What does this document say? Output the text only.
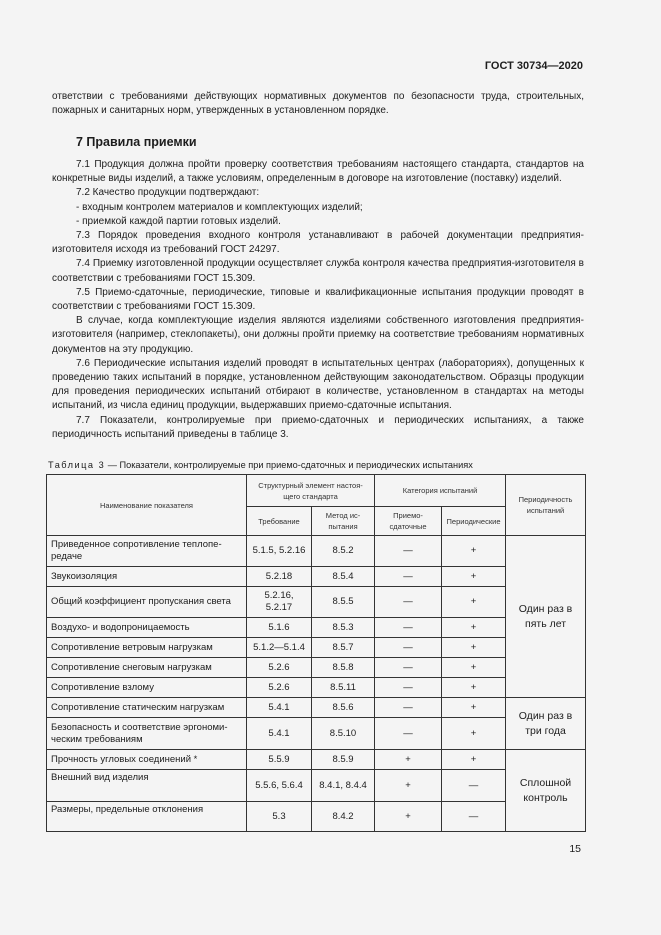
ГОСТ 30734—2020

ответствии с требованиями действующих нормативных документов по безопасности труда, строительных, пожарных и санитарных норм, утвержденных в установленном порядке.

7 Правила приемки

7.1 Продукция должна пройти проверку соответствия требованиям настоящего стандарта, стандартов на конкретные виды изделий, а также условиям, определенным в договоре на изготовление (поставку) изделий.

7.2 Качество продукции подтверждают:

- входным контролем материалов и комплектующих изделий;

- приемкой каждой партии готовых изделий.

7.3 Порядок проведения входного контроля устанавливают в рабочей документации предприятия-изготовителя исходя из требований ГОСТ 24297.

7.4 Приемку изготовленной продукции осуществляет служба контроля качества предприятия-изготовителя в соответствии с требованиями ГОСТ 15.309.

7.5 Приемо-сдаточные, периодические, типовые и квалификационные испытания продукции проводят в соответствии с требованиями ГОСТ 15.309.

В случае, когда комплектующие изделия являются изделиями собственного изготовления предприятия-изготовителя (например, стеклопакеты), они должны пройти приемку на соответствие требованиям нормативных документов на эту продукцию.

7.6 Периодические испытания изделий проводят в испытательных центрах (лабораториях), допущенных к проведению таких испытаний в порядке, установленном действующим законодательством. Образцы продукции для проведения периодических испытаний отбирают в количестве, установленном в стандартах на методы испытаний, из числа единиц продукции, выдержавших приемо-сдаточные испытания.

7.7 Показатели, контролируемые при приемо-сдаточных и периодических испытаниях, а также периодичность испытаний приведены в таблице 3.

Таблица 3 — Показатели, контролируемые при приемо-сдаточных и периодических испытаниях
Наименование показателя	Структурный элемент настоящего стандарта		Категория испытаний		Периодичность испытаний
	Требование	Метод испытания	Приемо-сдаточные	Периодические	
Приведенное сопротивление теплопередаче	5.1.5, 5.2.16	8.5.2	—	+	Один раз в пять лет
Звукоизоляция	5.2.18	8.5.4	—	+	
Общий коэффициент пропускания света	5.2.16, 5.2.17	8.5.5	—	+	
Воздухо- и водопроницаемость	5.1.6	8.5.3	—	+	
Сопротивление ветровым нагрузкам	5.1.2—5.1.4	8.5.7	—	+	
Сопротивление снеговым нагрузкам	5.2.6	8.5.8	—	+	
Сопротивление взлому	5.2.6	8.5.11	—	+	
Сопротивление статическим нагрузкам	5.4.1	8.5.6	—	+	Один раз в три года
Безопасность и соответствие эргономическим требованиям	5.4.1	8.5.10	—	+	
Прочность угловых соединений *	5.5.9	8.5.9	+	+	Сплошной контроль
Внешний вид изделия	5.5.6, 5.6.4	8.4.1, 8.4.4	+	—	
Размеры, предельные отклонения	5.3	8.4.2	+	—	
15
